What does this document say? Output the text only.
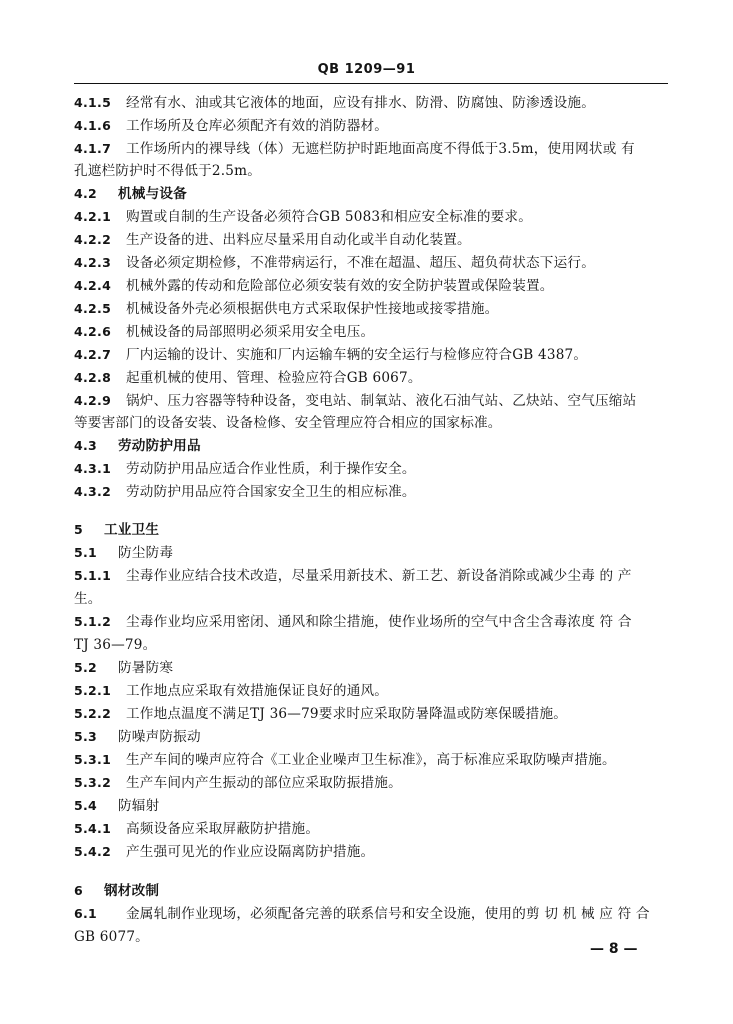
QB 1209—91
4.1.5 经常有水、油或其它液体的地面，应设有排水、防滑、防腐蚀、防渗透设施。
4.1.6 工作场所及仓库必须配齐有效的消防器材。
4.1.7 工作场所内的裸导线（体）无遮栏防护时距地面高度不得低于3.5m，使用网状或 有
孔遮栏防护时不得低于2.5m。
4.2 机械与设备
4.2.1 购置或自制的生产设备必须符合GB 5083和相应安全标准的要求。
4.2.2 生产设备的进、出料应尽量采用自动化或半自动化装置。
4.2.3 设备必须定期检修，不准带病运行，不准在超温、超压、超负荷状态下运行。
4.2.4 机械外露的传动和危险部位必须安装有效的安全防护装置或保险装置。
4.2.5 机械设备外壳必须根据供电方式采取保护性接地或接零措施。
4.2.6 机械设备的局部照明必须采用安全电压。
4.2.7 厂内运输的设计、实施和厂内运输车辆的安全运行与检修应符合GB 4387。
4.2.8 起重机械的使用、管理、检验应符合GB 6067。
4.2.9 锅炉、压力容器等特种设备，变电站、制氧站、液化石油气站、乙炔站、空气压缩站
等要害部门的设备安装、设备检修、安全管理应符合相应的国家标准。
4.3 劳动防护用品
4.3.1 劳动防护用品应适合作业性质，利于操作安全。
4.3.2 劳动防护用品应符合国家安全卫生的相应标准。
5 工业卫生
5.1 防尘防毒
5.1.1 尘毒作业应结合技术改造，尽量采用新技术、新工艺、新设备消除或减少尘毒 的 产
生。
5.1.2 尘毒作业均应采用密闭、通风和除尘措施，使作业场所的空气中含尘含毒浓度 符 合
TJ 36—79。
5.2 防暑防寒
5.2.1 工作地点应采取有效措施保证良好的通风。
5.2.2 工作地点温度不满足TJ 36—79要求时应采取防暑降温或防寒保暖措施。
5.3 防噪声防振动
5.3.1 生产车间的噪声应符合《工业企业噪声卫生标准》，高于标准应采取防噪声措施。
5.3.2 生产车间内产生振动的部位应采取防振措施。
5.4 防辐射
5.4.1 高频设备应采取屏蔽防护措施。
5.4.2 产生强可见光的作业应设隔离防护措施。
6 钢材改制
6.1 金属轧制作业现场，必须配备完善的联系信号和安全设施，使用的剪 切 机 械 应 符 合
GB 6077。
— 8 —
